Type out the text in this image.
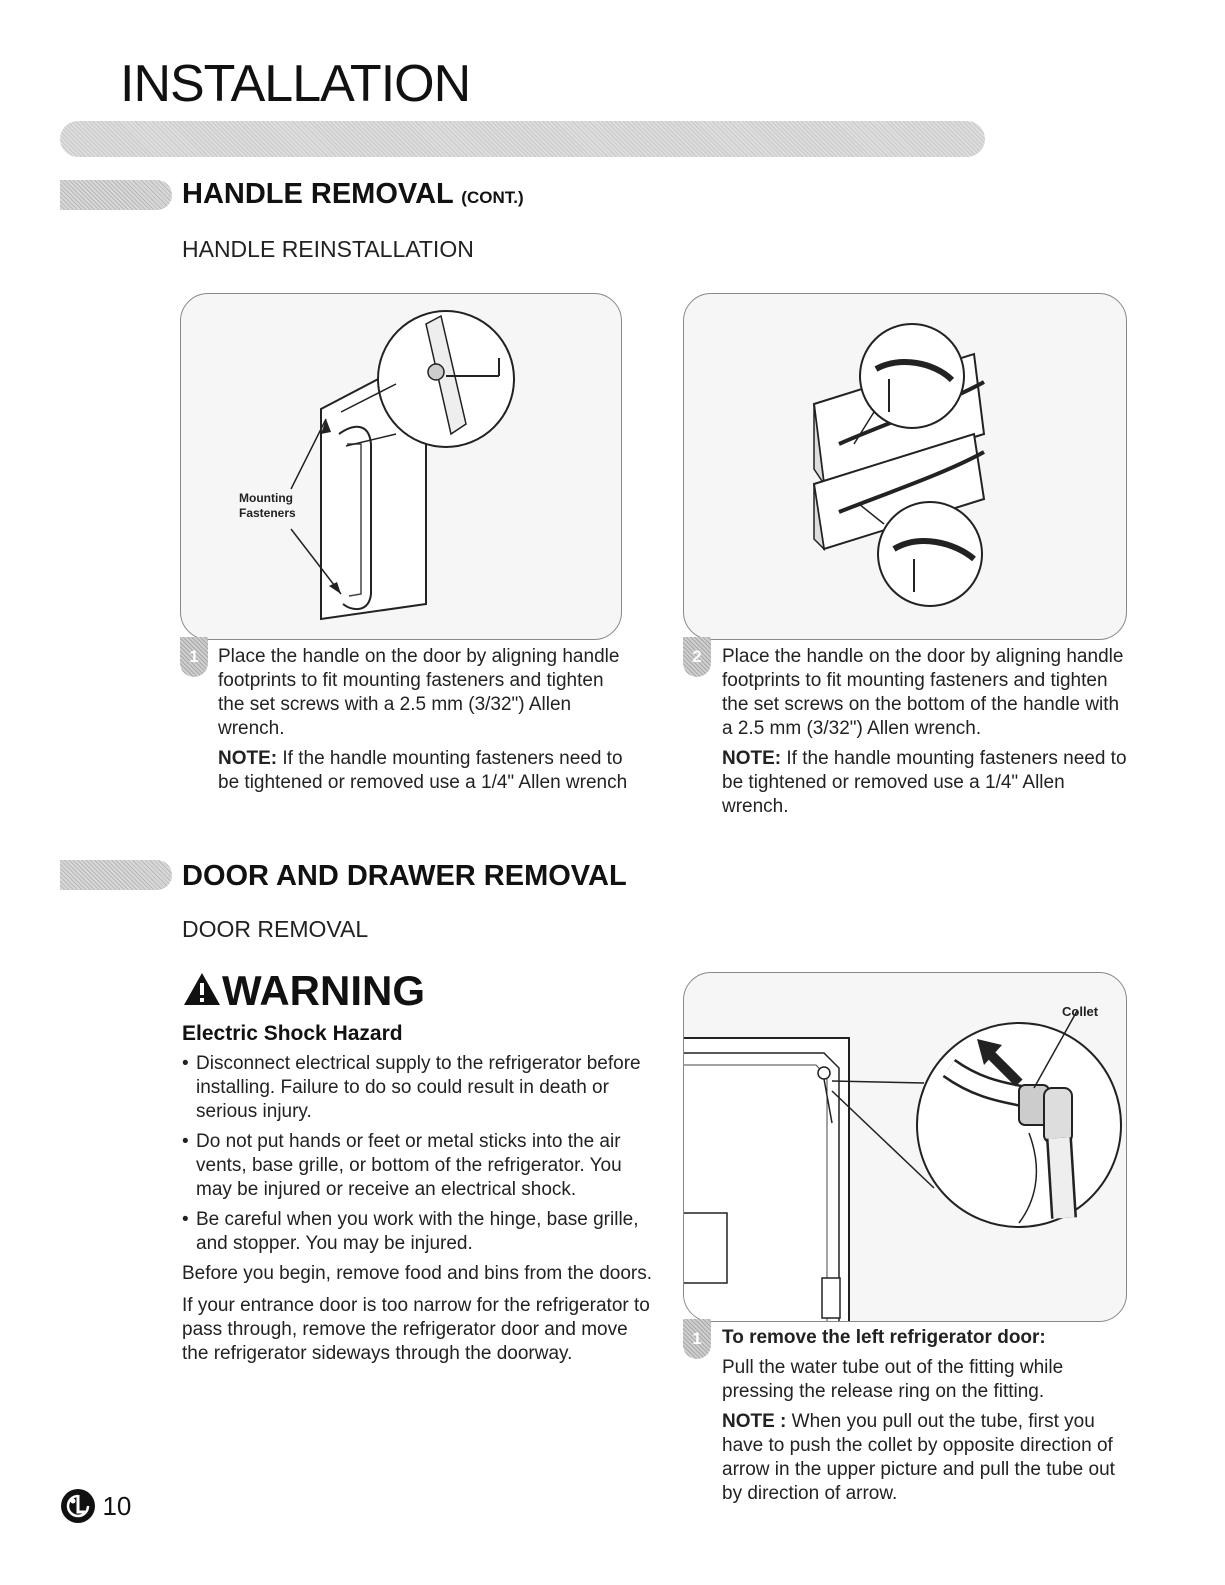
INSTALLATION
HANDLE REMOVAL (CONT.)
HANDLE REINSTALLATION
Mounting
Fasteners
1	Place the handle on the door by aligning handle footprints to fit mounting fasteners and tighten the set screws with a 2.5 mm (3/32") Allen wrench.

NOTE: If the handle mounting fasteners need to be tightened or removed use a 1/4" Allen wrench

2	Place the handle on the door by aligning handle footprints to fit mounting fasteners and tighten the set screws on the bottom of the handle with a 2.5 mm (3/32") Allen wrench.

NOTE: If the handle mounting fasteners need to be tightened or removed use a 1/4" Allen wrench.

DOOR AND DRAWER REMOVAL
DOOR REMOVAL
WARNING
Electric Shock Hazard
• Disconnect electrical supply to the refrigerator before installing. Failure to do so could result in death or serious injury.
• Do not put hands or feet or metal sticks into the air vents, base grille, or bottom of the refrigerator. You may be injured or receive an electrical shock.
• Be careful when you work with the hinge, base grille, and stopper. You may be injured.

Before you begin, remove food and bins from the doors.

If your entrance door is too narrow for the refrigerator to pass through, remove the refrigerator door and move the refrigerator sideways through the doorway.

Collet
1	To remove the left refrigerator door:

Pull the water tube out of the fitting while pressing the release ring on the fitting.

NOTE : When you pull out the tube, first you have to push the collet by opposite direction of arrow in the upper picture and pull the tube out by direction of arrow.

10
